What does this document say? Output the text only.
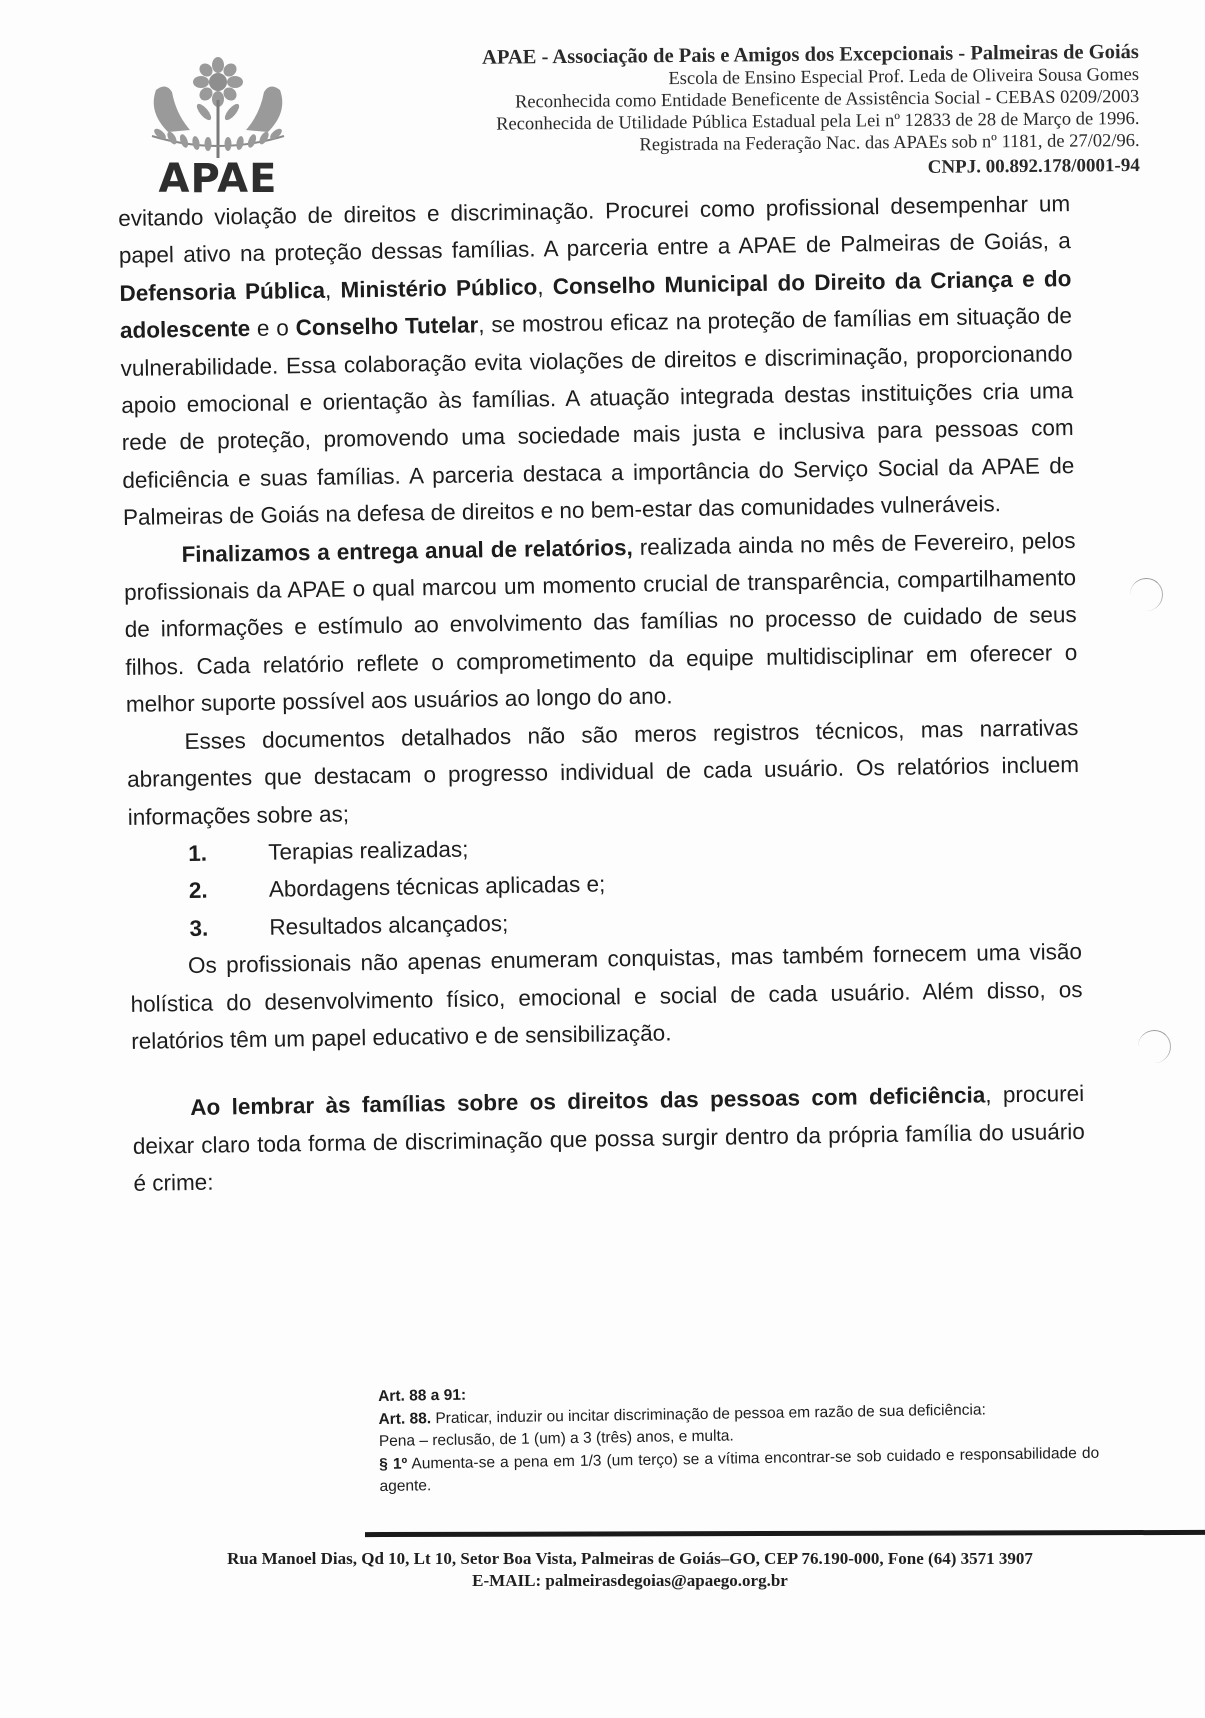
APAE
APAE - Associação de Pais e Amigos dos Excepcionais - Palmeiras de Goiás
Escola de Ensino Especial Prof. Leda de Oliveira Sousa Gomes
Reconhecida como Entidade Beneficente de Assistência Social - CEBAS 0209/2003
Reconhecida de Utilidade Pública Estadual pela Lei nº 12833 de 28 de Março de 1996.
Registrada na Federação Nac. das APAEs sob nº 1181, de 27/02/96.
CNPJ. 00.892.178/0001-94

evitando violação de direitos e discriminação. Procurei como profissional desempenhar um papel ativo na proteção dessas famílias. A parceria entre a APAE de Palmeiras de Goiás, a Defensoria Pública, Ministério Público, Conselho Municipal do Direito da Criança e do adolescente e o Conselho Tutelar, se mostrou eficaz na proteção de famílias em situação de vulnerabilidade. Essa colaboração evita violações de direitos e discriminação, proporcionando apoio emocional e orientação às famílias. A atuação integrada destas instituições cria uma rede de proteção, promovendo uma sociedade mais justa e inclusiva para pessoas com deficiência e suas famílias. A parceria destaca a importância do Serviço Social da APAE de Palmeiras de Goiás na defesa de direitos e no bem-estar das comunidades vulneráveis.

Finalizamos a entrega anual de relatórios, realizada ainda no mês de Fevereiro, pelos profissionais da APAE o qual marcou um momento crucial de transparência, compartilhamento de informações e estímulo ao envolvimento das famílias no processo de cuidado de seus filhos. Cada relatório reflete o comprometimento da equipe multidisciplinar em oferecer o melhor suporte possível aos usuários ao longo do ano.

Esses documentos detalhados não são meros registros técnicos, mas narrativas abrangentes que destacam o progresso individual de cada usuário. Os relatórios incluem informações sobre as;

1.	Terapias realizadas;
2.	Abordagens técnicas aplicadas e;
3.	Resultados alcançados;

Os profissionais não apenas enumeram conquistas, mas também fornecem uma visão holística do desenvolvimento físico, emocional e social de cada usuário. Além disso, os relatórios têm um papel educativo e de sensibilização.

Ao lembrar às famílias sobre os direitos das pessoas com deficiência, procurei deixar claro toda forma de discriminação que possa surgir dentro da própria família do usuário é crime:

Art. 88 a 91:

Art. 88. Praticar, induzir ou incitar discriminação de pessoa em razão de sua deficiência:

Pena – reclusão, de 1 (um) a 3 (três) anos, e multa.

§ 1º Aumenta-se a pena em 1/3 (um terço) se a vítima encontrar-se sob cuidado e responsabilidade do agente.

Rua Manoel Dias, Qd 10, Lt 10, Setor Boa Vista, Palmeiras de Goiás–GO, CEP 76.190-000, Fone (64) 3571 3907
E-MAIL: palmeirasdegoias@apaego.org.br
